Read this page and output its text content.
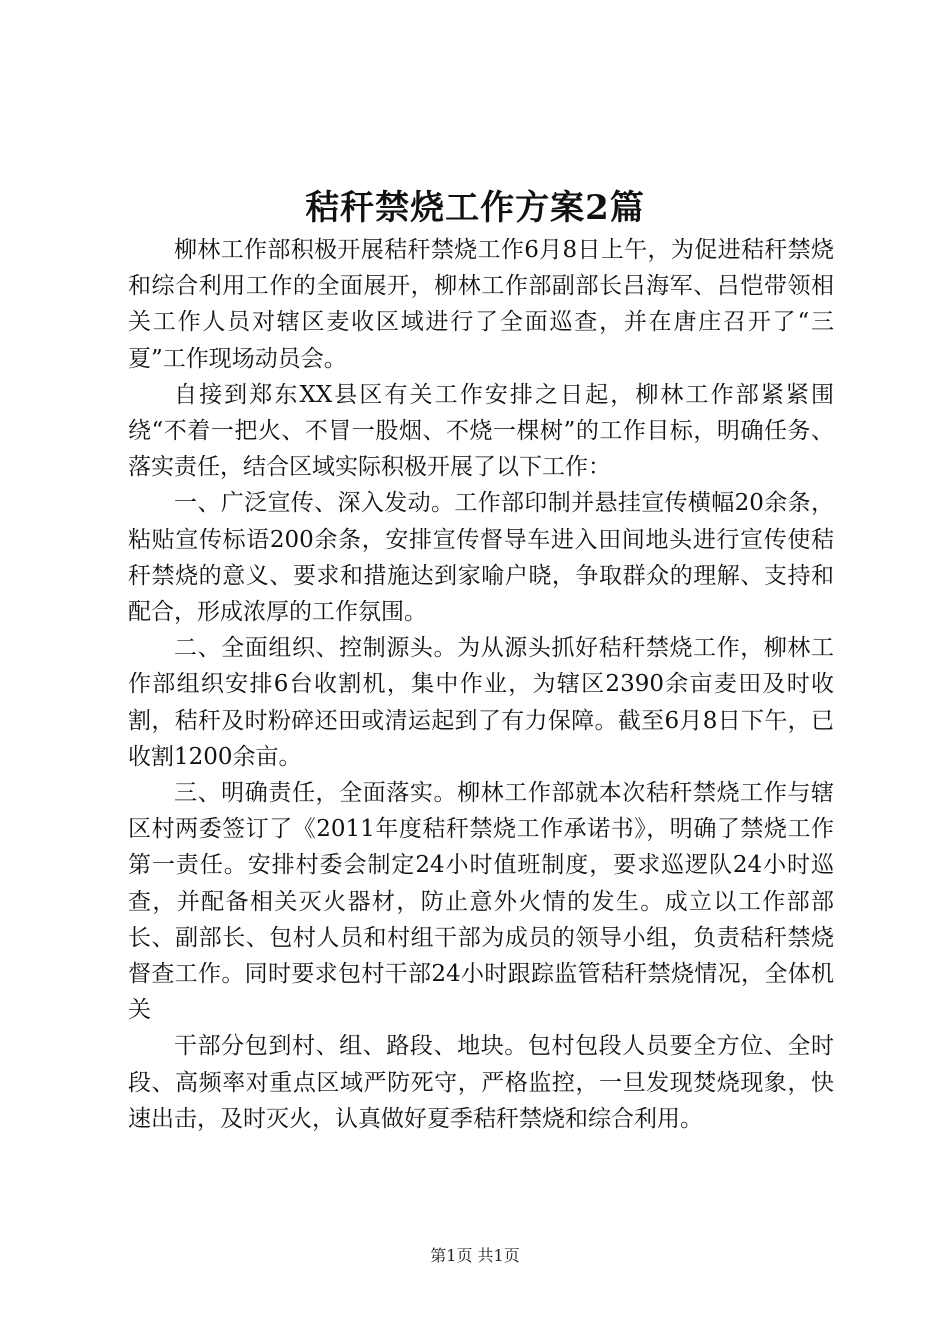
秸秆禁烧工作方案2篇

柳林工作部积极开展秸秆禁烧工作6月8日上午，为促进秸秆禁烧和综合利用工作的全面展开，柳林工作部副部长吕海军、吕恺带领相关工作人员对辖区麦收区域进行了全面巡查，并在唐庄召开了“三夏”工作现场动员会。

自接到郑东XX县区有关工作安排之日起，柳林工作部紧紧围绕“不着一把火、不冒一股烟、不烧一棵树”的工作目标，明确任务、落实责任，结合区域实际积极开展了以下工作：

一、广泛宣传、深入发动。工作部印制并悬挂宣传横幅20余条，粘贴宣传标语200余条，安排宣传督导车进入田间地头进行宣传使秸秆禁烧的意义、要求和措施达到家喻户晓，争取群众的理解、支持和配合，形成浓厚的工作氛围。

二、全面组织、控制源头。为从源头抓好秸秆禁烧工作，柳林工作部组织安排6台收割机，集中作业，为辖区2390余亩麦田及时收割，秸秆及时粉碎还田或清运起到了有力保障。截至6月8日下午，已收割1200余亩。

三、明确责任，全面落实。柳林工作部就本次秸秆禁烧工作与辖区村两委签订了《2011年度秸秆禁烧工作承诺书》，明确了禁烧工作第一责任。安排村委会制定24小时值班制度，要求巡逻队24小时巡查，并配备相关灭火器材，防止意外火情的发生。成立以工作部部长、副部长、包村人员和村组干部为成员的领导小组，负责秸秆禁烧督查工作。同时要求包村干部24小时跟踪监管秸秆禁烧情况，全体机关

干部分包到村、组、路段、地块。包村包段人员要全方位、全时段、高频率对重点区域严防死守，严格监控，一旦发现焚烧现象，快速出击，及时灭火，认真做好夏季秸秆禁烧和综合利用。

第1页 共1页
